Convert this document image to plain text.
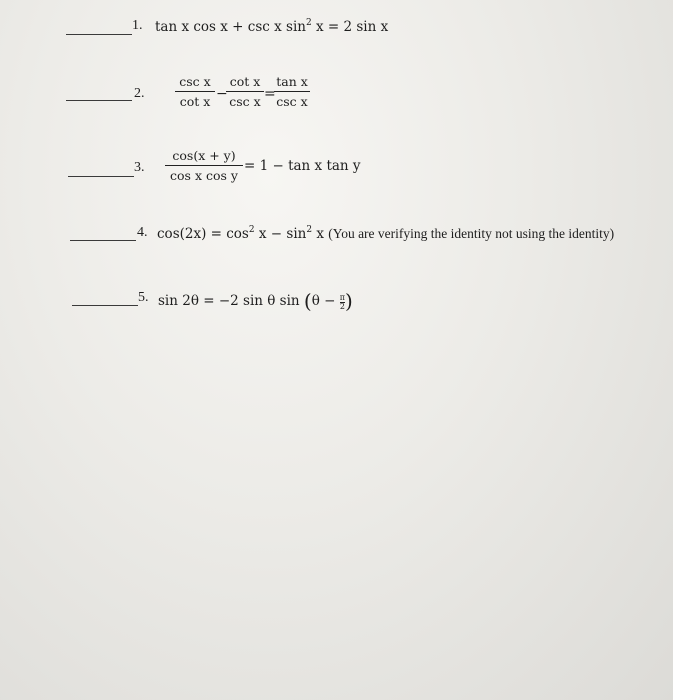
1. tan x cos x + csc x $\sin^2 x = 2$ sin x
2.
csc x
cot x −
cot x
csc x =
tan x
csc x
3.
cos(x + y)
cos x cos y
= 1 − tan x tan y
4. $\cos(2x) = \cos^2 x - \sin^2 x$ (You are verifying the identity not using the identity)
5. sin 2θ = −2 sin θ $\sin (\theta - \frac{\pi}{2})$
